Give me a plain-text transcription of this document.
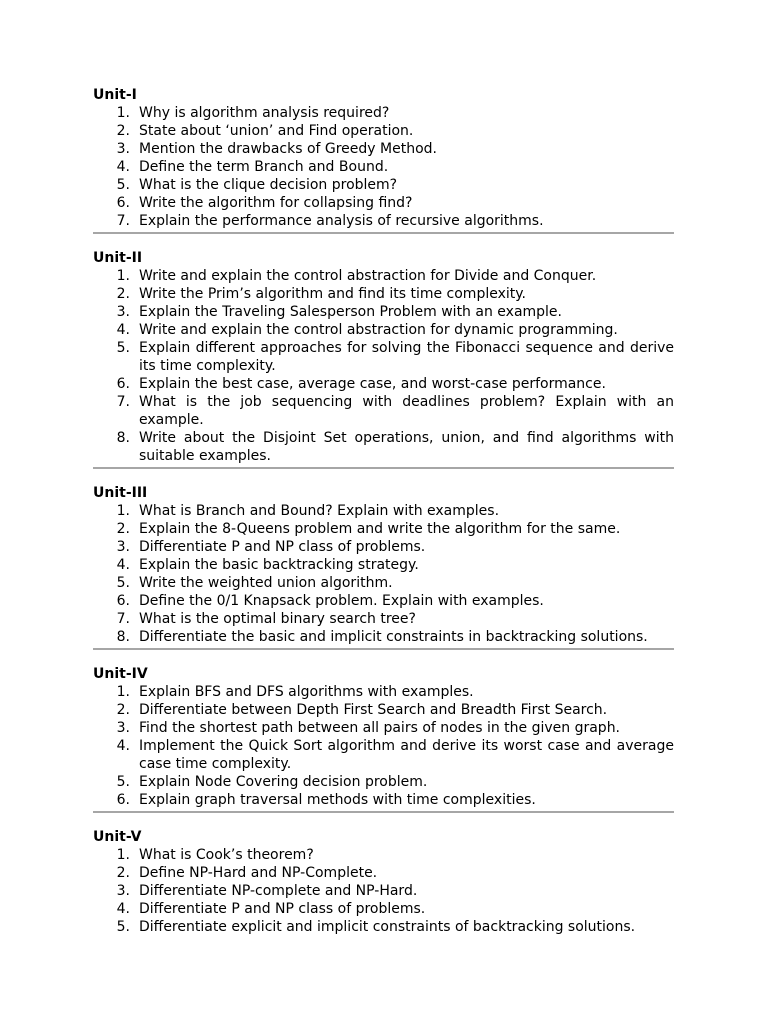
Unit-I
1. Why is algorithm analysis required?
2. State about ‘union’ and Find operation.
3. Mention the drawbacks of Greedy Method.
4. Define the term Branch and Bound.
5. What is the clique decision problem?
6. Write the algorithm for collapsing find?
7. Explain the performance analysis of recursive algorithms.
Unit-II
1. Write and explain the control abstraction for Divide and Conquer.
2. Write the Prim’s algorithm and find its time complexity.
3. Explain the Traveling Salesperson Problem with an example.
4. Write and explain the control abstraction for dynamic programming.
5. Explain different approaches for solving the Fibonacci sequence and derive its time complexity.
6. Explain the best case, average case, and worst-case performance.
7. What is the job sequencing with deadlines problem? Explain with an example.
8. Write about the Disjoint Set operations, union, and find algorithms with suitable examples.
Unit-III
1. What is Branch and Bound? Explain with examples.
2. Explain the 8-Queens problem and write the algorithm for the same.
3. Differentiate P and NP class of problems.
4. Explain the basic backtracking strategy.
5. Write the weighted union algorithm.
6. Define the 0/1 Knapsack problem. Explain with examples.
7. What is the optimal binary search tree?
8. Differentiate the basic and implicit constraints in backtracking solutions.
Unit-IV
1. Explain BFS and DFS algorithms with examples.
2. Differentiate between Depth First Search and Breadth First Search.
3. Find the shortest path between all pairs of nodes in the given graph.
4. Implement the Quick Sort algorithm and derive its worst case and average case time complexity.
5. Explain Node Covering decision problem.
6. Explain graph traversal methods with time complexities.
Unit-V
1. What is Cook’s theorem?
2. Define NP-Hard and NP-Complete.
3. Differentiate NP-complete and NP-Hard.
4. Differentiate P and NP class of problems.
5. Differentiate explicit and implicit constraints of backtracking solutions.
